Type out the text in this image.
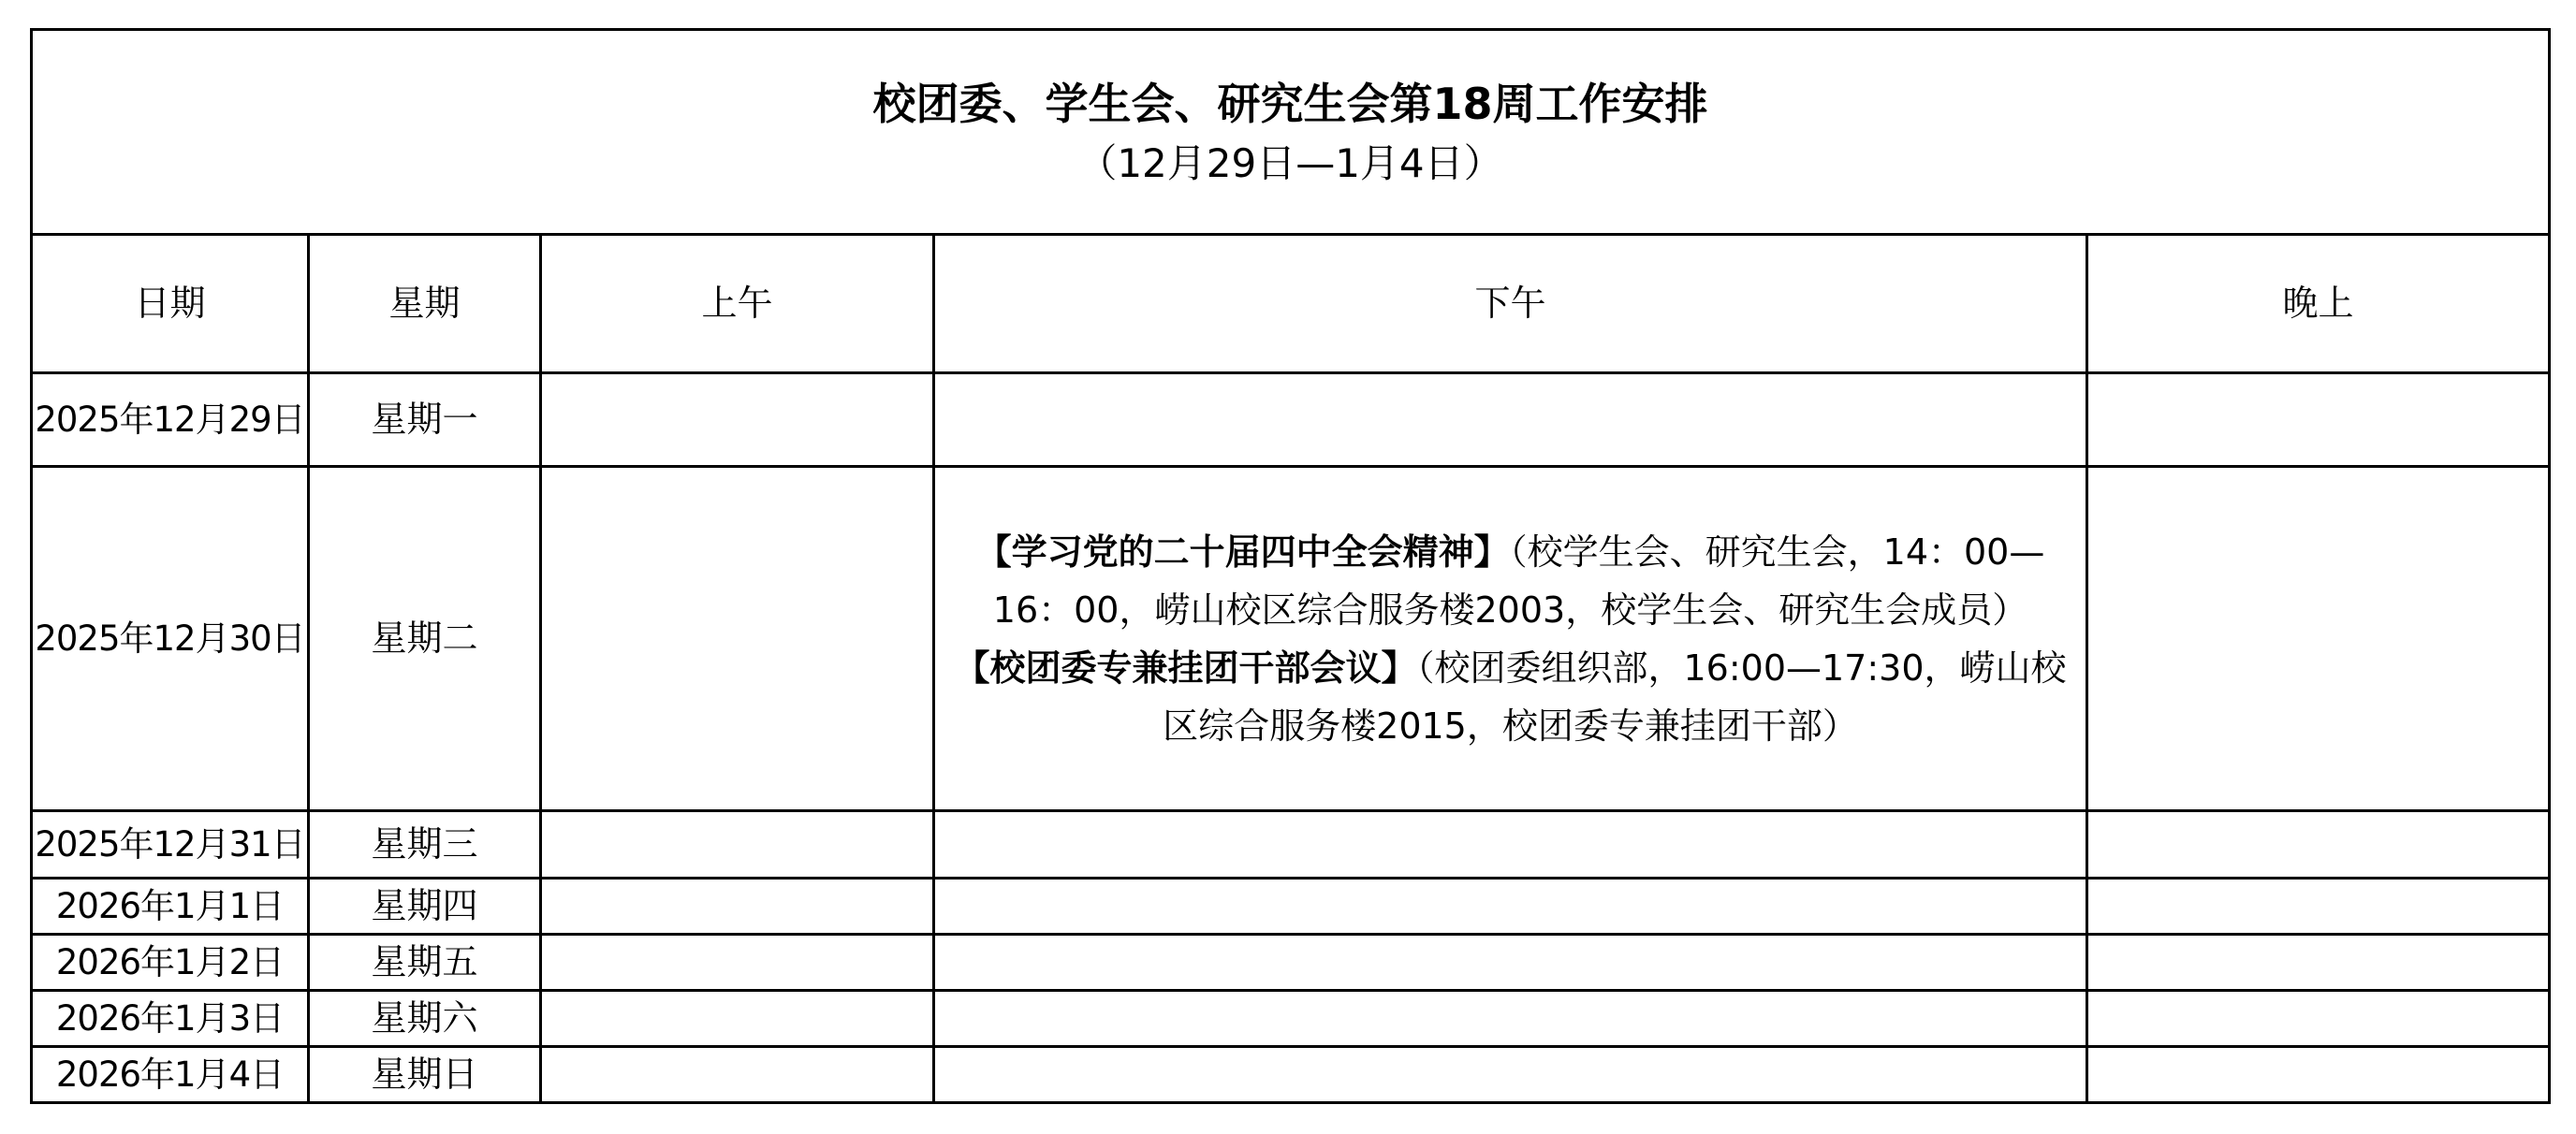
校团委、学生会、研究生会第18周工作安排
（12月29日—1月4日）				

日期	星期	上午	下午	晚上
2025年12月29日	星期一			
2025年12月30日	星期二		【学习党的二十届四中全会精神】（校学生会、研究生会，14：00—16：00，崂山校区综合服务楼2003，校学生会、研究生会成员）
【校团委专兼挂团干部会议】（校团委组织部，16:00—17:30，崂山校区综合服务楼2015，校团委专兼挂团干部）	

2025年12月31日	星期三			
2026年1月1日	星期四			
2026年1月2日	星期五			
2026年1月3日	星期六			
2026年1月4日	星期日			
